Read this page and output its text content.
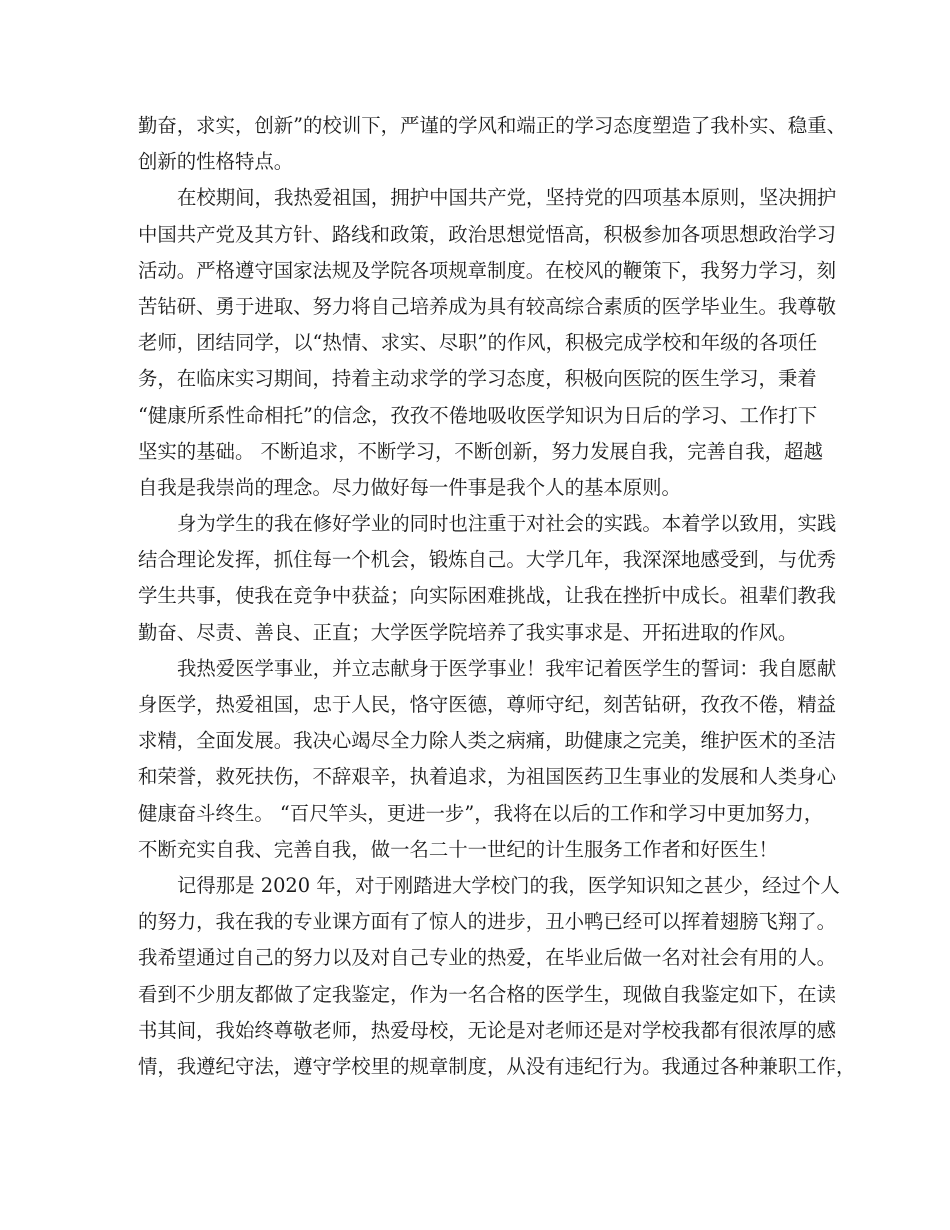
勤奋，求实，创新”的校训下，严谨的学风和端正的学习态度塑造了我朴实、稳重、
创新的性格特点。
在校期间，我热爱祖国，拥护中国共产党，坚持党的四项基本原则，坚决拥护
中国共产党及其方针、路线和政策，政治思想觉悟高，积极参加各项思想政治学习
活动。严格遵守国家法规及学院各项规章制度。在校风的鞭策下，我努力学习，刻
苦钻研、勇于进取、努力将自己培养成为具有较高综合素质的医学毕业生。我尊敬
老师，团结同学，以“热情、求实、尽职”的作风，积极完成学校和年级的各项任
务，在临床实习期间，持着主动求学的学习态度，积极向医院的医生学习，秉着
“健康所系性命相托”的信念，孜孜不倦地吸收医学知识为日后的学习、工作打下
坚实的基础。 不断追求，不断学习，不断创新，努力发展自我，完善自我，超越
自我是我崇尚的理念。尽力做好每一件事是我个人的基本原则。
身为学生的我在修好学业的同时也注重于对社会的实践。本着学以致用，实践
结合理论发挥，抓住每一个机会，锻炼自己。大学几年，我深深地感受到，与优秀
学生共事，使我在竞争中获益；向实际困难挑战，让我在挫折中成长。祖辈们教我
勤奋、尽责、善良、正直；大学医学院培养了我实事求是、开拓进取的作风。
我热爱医学事业，并立志献身于医学事业！我牢记着医学生的誓词：我自愿献
身医学，热爱祖国，忠于人民，恪守医德，尊师守纪，刻苦钻研，孜孜不倦，精益
求精，全面发展。我决心竭尽全力除人类之病痛，助健康之完美，维护医术的圣洁
和荣誉，救死扶伤，不辞艰辛，执着追求，为祖国医药卫生事业的发展和人类身心
健康奋斗终生。 “百尺竿头，更进一步”，我将在以后的工作和学习中更加努力，
不断充实自我、完善自我，做一名二十一世纪的计生服务工作者和好医生！
记得那是 2020 年，对于刚踏进大学校门的我，医学知识知之甚少，经过个人
的努力，我在我的专业课方面有了惊人的进步，丑小鸭已经可以挥着翅膀飞翔了。
我希望通过自己的努力以及对自己专业的热爱，在毕业后做一名对社会有用的人。
看到不少朋友都做了定我鉴定，作为一名合格的医学生，现做自我鉴定如下，在读
书其间，我始终尊敬老师，热爱母校，无论是对老师还是对学校我都有很浓厚的感
情，我遵纪守法，遵守学校里的规章制度，从没有违纪行为。我通过各种兼职工作，
